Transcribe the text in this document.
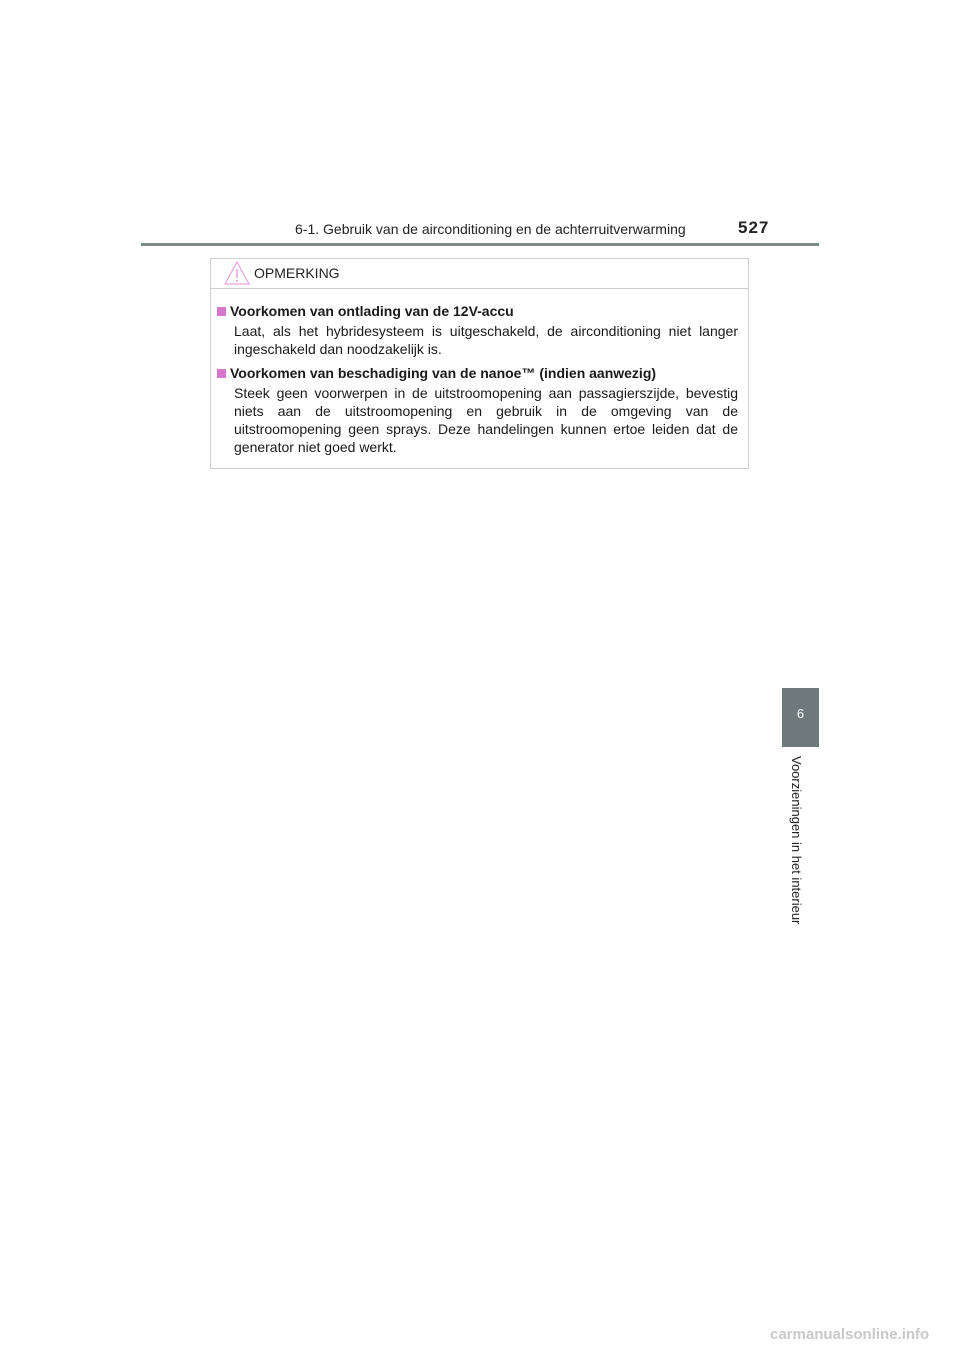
6-1. Gebruik van de airconditioning en de achterruitverwarming	527
6
Voorzieningen in het interieur
OPMERKING
Voorkomen van ontlading van de 12V-accu
Laat, als het hybridesysteem is uitgeschakeld, de airconditioning niet langer ingeschakeld dan noodzakelijk is.
Voorkomen van beschadiging van de nanoe™ (indien aanwezig)
Steek geen voorwerpen in de uitstroomopening aan passagierszijde, bevestig niets aan de uitstroomopening en gebruik in de omgeving van de uitstroomopening geen sprays. Deze handelingen kunnen ertoe leiden dat de generator niet goed werkt.
carmanualsonline.info
